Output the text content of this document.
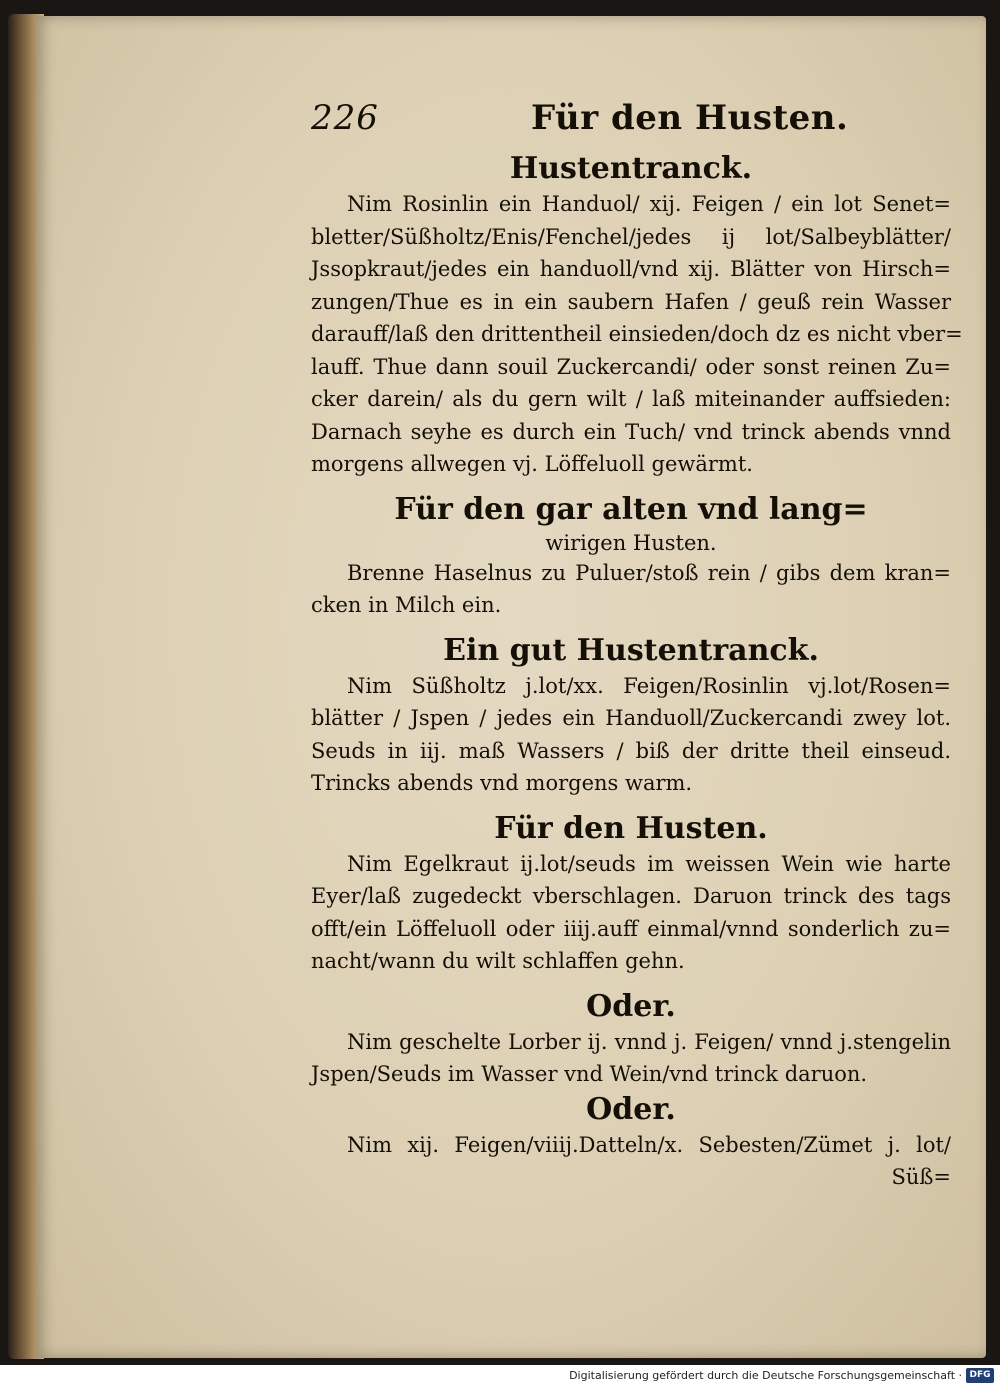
226	Für den Husten.

Hustentranck.

Nim Rosinlin ein Handuol/ xij. Feigen / ein lot Senet=

bletter/Süßholtz/Enis/Fenchel/jedes ij lot/Salbeyblätter/

Jssopkraut/jedes ein handuoll/vnd xij. Blätter von Hirsch=

zungen/Thue es in ein saubern Hafen / geuß rein Wasser

darauff/laß den drittentheil einsieden/doch dz es nicht vber=

lauff. Thue dann souil Zuckercandi/ oder sonst reinen Zu=

cker darein/ als du gern wilt / laß miteinander auffsieden:

Darnach seyhe es durch ein Tuch/ vnd trinck abends vnnd

morgens allwegen vj. Löffeluoll gewärmt.

Für den gar alten vnd lang=

wirigen Husten.

Brenne Haselnus zu Puluer/stoß rein / gibs dem kran=

cken in Milch ein.

Ein gut Hustentranck.

Nim Süßholtz j.lot/xx. Feigen/Rosinlin vj.lot/Rosen=

blätter / Jspen / jedes ein Handuoll/Zuckercandi zwey lot.

Seuds in iij. maß Wassers / biß der dritte theil einseud.

Trincks abends vnd morgens warm.

Für den Husten.

Nim Egelkraut ij.lot/seuds im weissen Wein wie harte

Eyer/laß zugedeckt vberschlagen. Daruon trinck des tags

offt/ein Löffeluoll oder iiij.auff einmal/vnnd sonderlich zu=

nacht/wann du wilt schlaffen gehn.

Oder.

Nim geschelte Lorber ij. vnnd j. Feigen/ vnnd j.stengelin

Jspen/Seuds im Wasser vnd Wein/vnd trinck daruon.

Oder.

Nim xij. Feigen/viiij.Datteln/x. Sebesten/Zümet j. lot/

Süß=

Digitalisierung gefördert durch die Deutsche Forschungsgemeinschaft · DFG
